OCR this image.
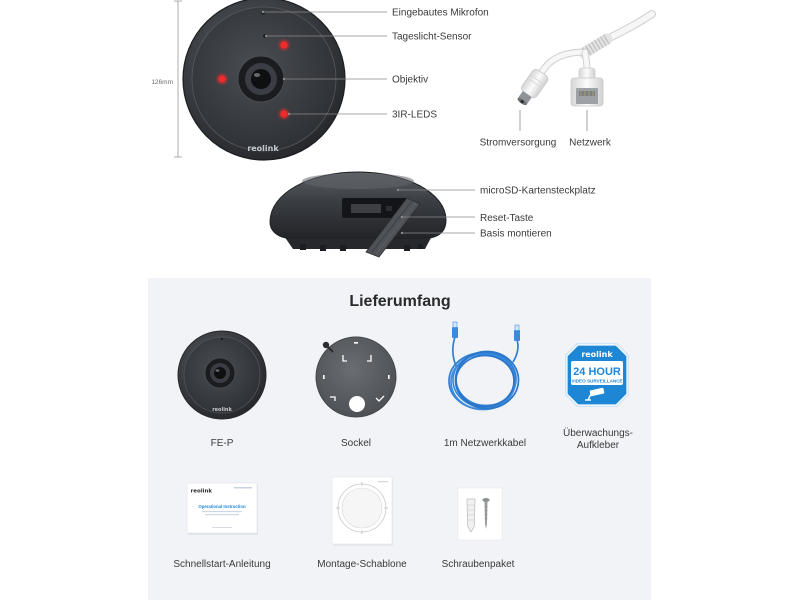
reolink
126mm
Eingebautes Mikrofon
Tageslicht-Sensor
Objektiv
3IR-LEDS
Stromversorgung Netzwerk
microSD-Kartensteckplatz
Reset-Taste
Basis montieren
Lieferumfang
reolink
FE-P	Sockel	1m Netzwerkkabel
reolink
24 HOUR
VIDEO SURVEILLANCE
Überwachungs-
Aufkleber
reolink
Operational Instruction
Schnellstart-Anleitung	Montage-Schablone	Schraubenpaket
